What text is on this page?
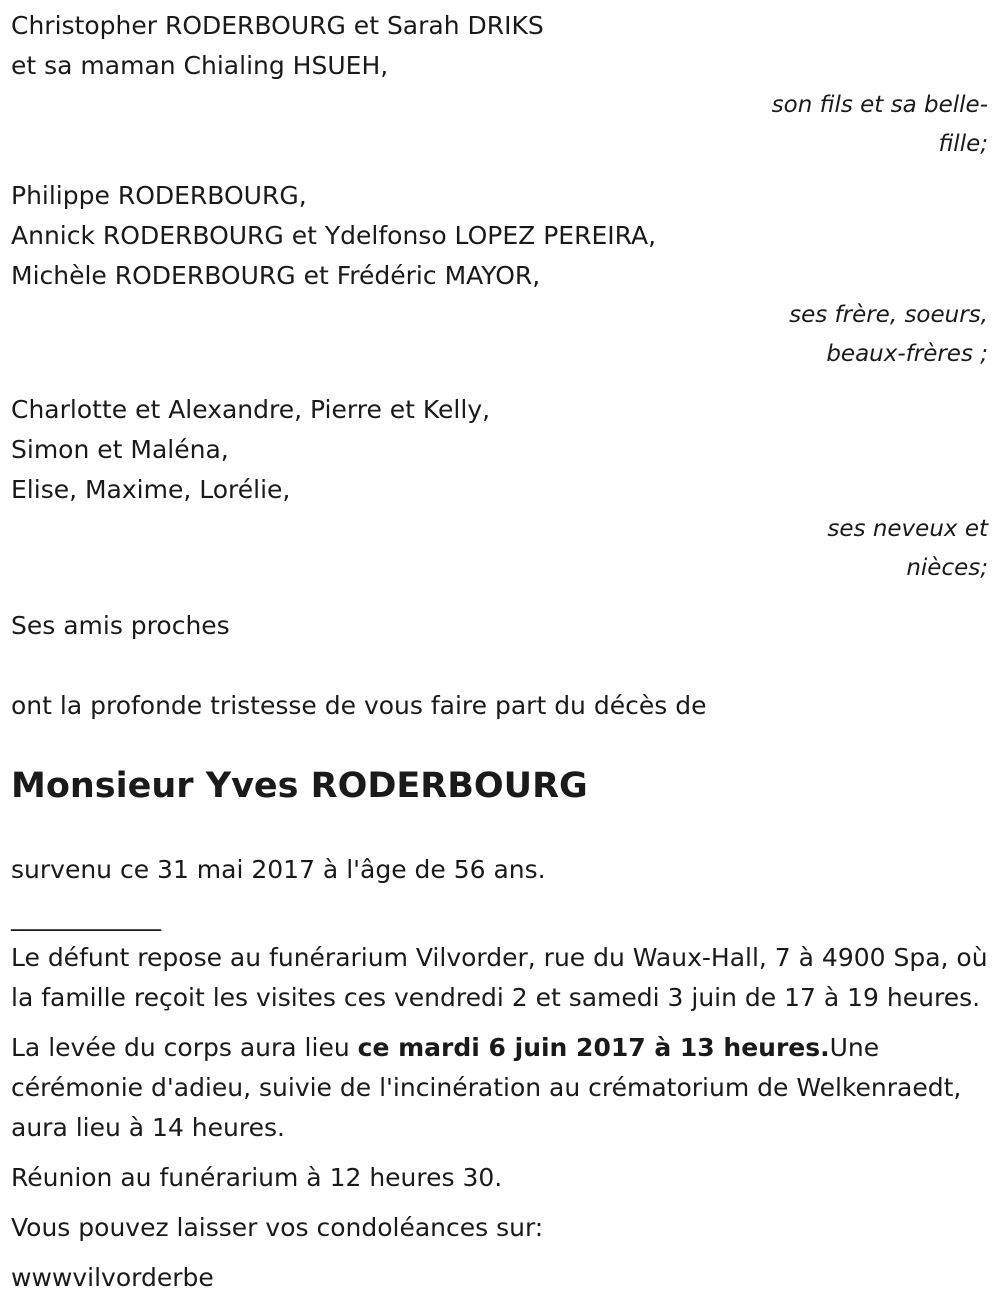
Christopher RODERBOURG et Sarah DRIKS
et sa maman Chialing HSUEH,
son fils et sa belle-
fille;
Philippe RODERBOURG,
Annick RODERBOURG et Ydelfonso LOPEZ PEREIRA,
Michèle RODERBOURG et Frédéric MAYOR,
ses frère, soeurs,
beaux-frères ;
Charlotte et Alexandre, Pierre et Kelly,
Simon et Maléna,
Elise, Maxime, Lorélie,
ses neveux et
nièces;
Ses amis proches
ont la profonde tristesse de vous faire part du décès de
Monsieur Yves RODERBOURG
survenu ce 31 mai 2017 à l'âge de 56 ans.
____________
Le défunt repose au funérarium Vilvorder, rue du Waux-Hall, 7 à 4900 Spa, où la famille reçoit les visites ces vendredi 2 et samedi 3 juin de 17 à 19 heures.
La levée du corps aura lieu ce mardi 6 juin 2017 à 13 heures.Une cérémonie d'adieu, suivie de l'incinération au crématorium de Welkenraedt, aura lieu à 14 heures.
Réunion au funérarium à 12 heures 30.
Vous pouvez laisser vos condoléances sur:
wwwvilvorderbe
